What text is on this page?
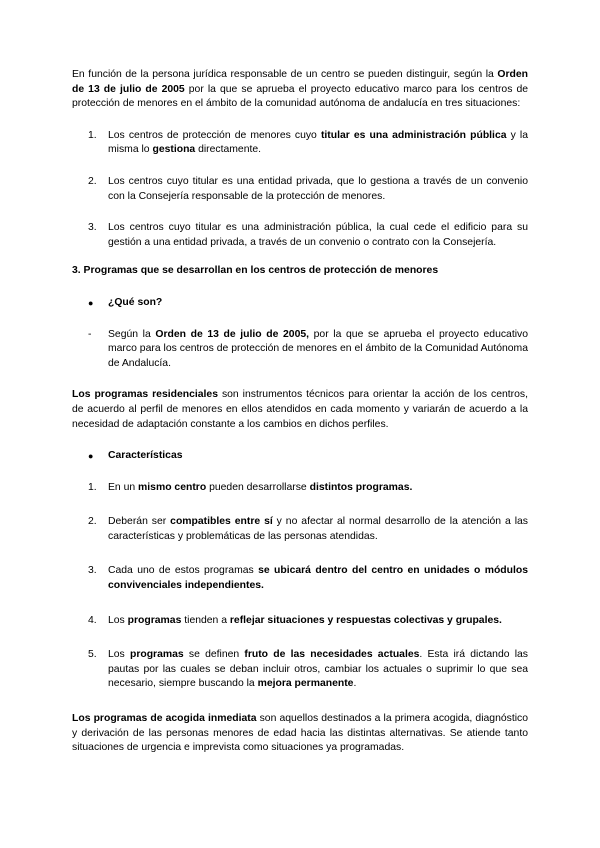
En función de la persona jurídica responsable de un centro se pueden distinguir, según la Orden de 13 de julio de 2005 por la que se aprueba el proyecto educativo marco para los centros de protección de menores en el ámbito de la comunidad autónoma de andalucía en tres situaciones:

1. Los centros de protección de menores cuyo titular es una administración pública y la misma lo gestiona directamente.
2. Los centros cuyo titular es una entidad privada, que lo gestiona a través de un convenio con la Consejería responsable de la protección de menores.
3. Los centros cuyo titular es una administración pública, la cual cede el edificio para su gestión a una entidad privada, a través de un convenio o contrato con la Consejería.

3. Programas que se desarrollan en los centros de protección de menores

● ¿Qué son?
- Según la Orden de 13 de julio de 2005, por la que se aprueba el proyecto educativo marco para los centros de protección de menores en el ámbito de la Comunidad Autónoma de Andalucía.

Los programas residenciales son instrumentos técnicos para orientar la acción de los centros, de acuerdo al perfil de menores en ellos atendidos en cada momento y variarán de acuerdo a la necesidad de adaptación constante a los cambios en dichos perfiles.

● Características
1. En un mismo centro pueden desarrollarse distintos programas.
2. Deberán ser compatibles entre sí y no afectar al normal desarrollo de la atención a las características y problemáticas de las personas atendidas.
3. Cada uno de estos programas se ubicará dentro del centro en unidades o módulos convivenciales independientes.
4. Los programas tienden a reflejar situaciones y respuestas colectivas y grupales.
5. Los programas se definen fruto de las necesidades actuales. Esta irá dictando las pautas por las cuales se deban incluir otros, cambiar los actuales o suprimir lo que sea necesario, siempre buscando la mejora permanente.

Los programas de acogida inmediata son aquellos destinados a la primera acogida, diagnóstico y derivación de las personas menores de edad hacia las distintas alternativas. Se atiende tanto situaciones de urgencia e imprevista como situaciones ya programadas.
